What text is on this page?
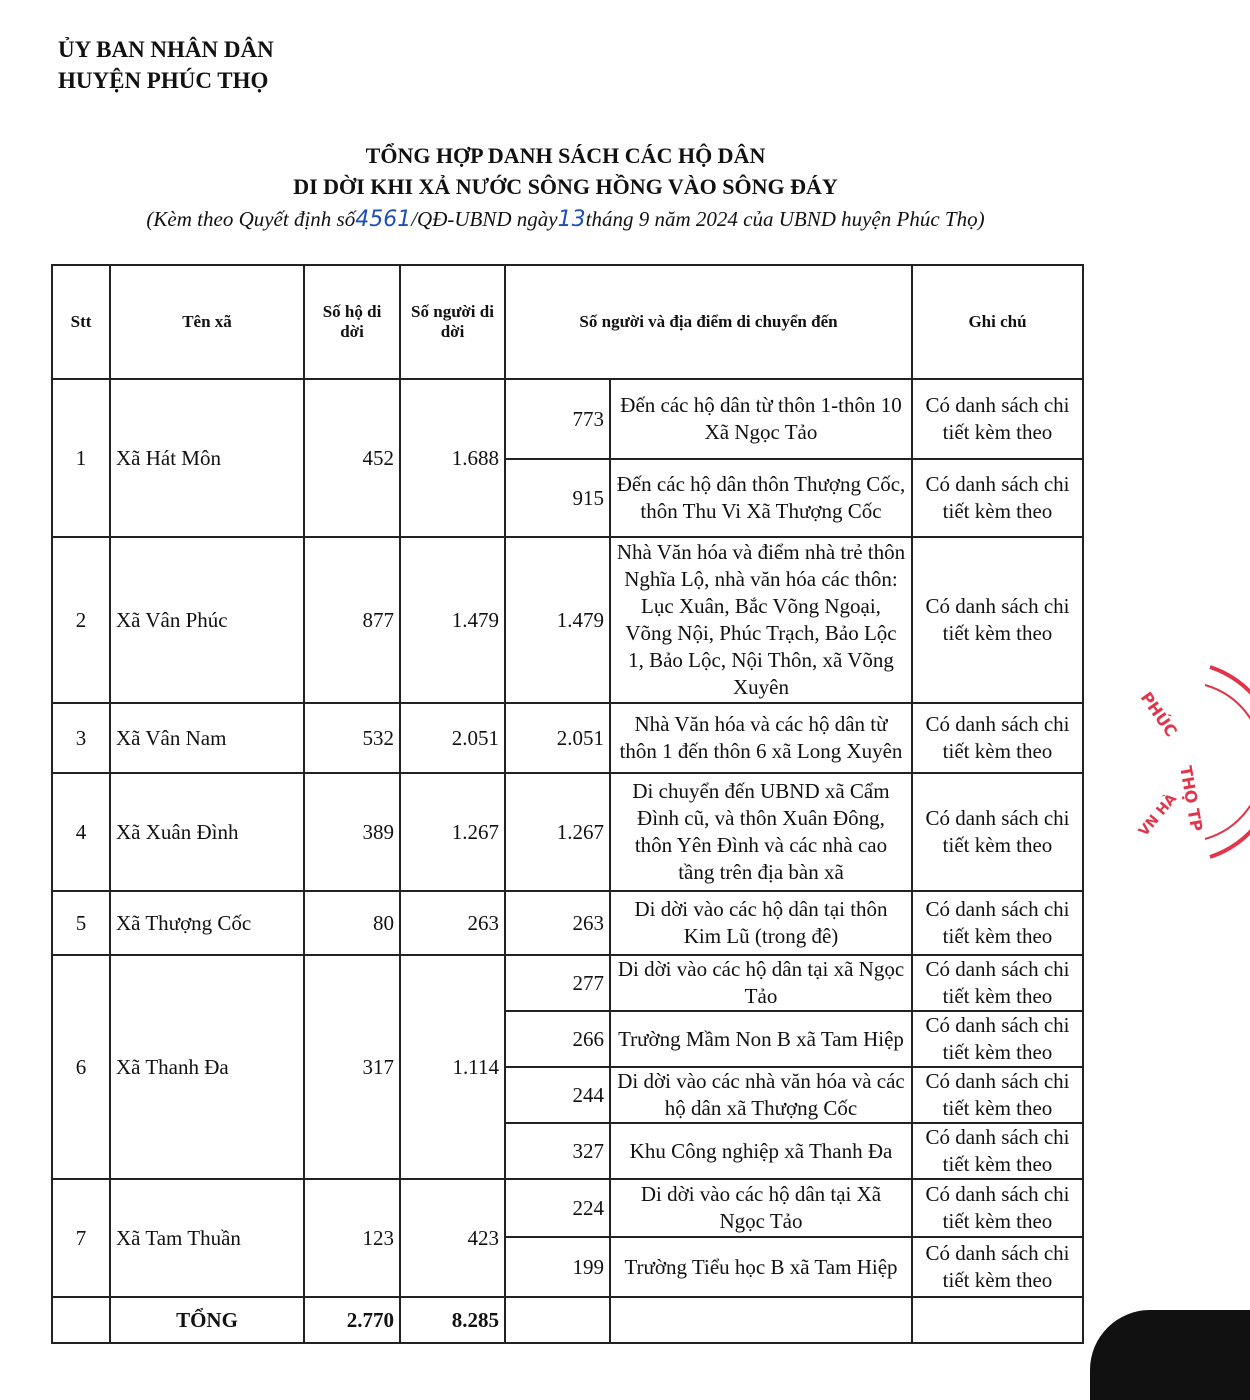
ỦY BAN NHÂN DÂN
HUYỆN PHÚC THỌ
TỔNG HỢP DANH SÁCH CÁC HỘ DÂN
DI DỜI KHI XẢ NƯỚC SÔNG HỒNG VÀO SÔNG ĐÁY
(Kèm theo Quyết định số4561/QĐ-UBND ngày13tháng 9 năm 2024 của UBND huyện Phúc Thọ)
Stt	Tên xã	Số hộ di dời	Số người di dời	Số người và địa điểm di chuyển đến		Ghi chú
1	Xã Hát Môn	452	1.688	773	Đến các hộ dân từ thôn 1-thôn 10 Xã Ngọc Tảo	Có danh sách chi tiết kèm theo
				915	Đến các hộ dân thôn Thượng Cốc, thôn Thu Vi Xã Thượng Cốc	Có danh sách chi tiết kèm theo
2	Xã Vân Phúc	877	1.479	1.479	Nhà Văn hóa và điểm nhà trẻ thôn Nghĩa Lộ, nhà văn hóa các thôn: Lục Xuân, Bắc Võng Ngoại, Võng Nội, Phúc Trạch, Bảo Lộc 1, Bảo Lộc, Nội Thôn, xã Võng Xuyên	Có danh sách chi tiết kèm theo
3	Xã Vân Nam	532	2.051	2.051	Nhà Văn hóa và các hộ dân từ thôn 1 đến thôn 6 xã Long Xuyên	Có danh sách chi tiết kèm theo
4	Xã Xuân Đình	389	1.267	1.267	Di chuyển đến UBND xã Cẩm Đình cũ, và thôn Xuân Đông, thôn Yên Đình và các nhà cao tầng trên địa bàn xã	Có danh sách chi tiết kèm theo
5	Xã Thượng Cốc	80	263	263	Di dời vào các hộ dân tại thôn Kim Lũ (trong đê)	Có danh sách chi tiết kèm theo
6	Xã Thanh Đa	317	1.114	277	Di dời vào các hộ dân tại xã Ngọc Tảo	Có danh sách chi tiết kèm theo
				266	Trường Mầm Non B xã Tam Hiệp	Có danh sách chi tiết kèm theo
				244	Di dời vào các nhà văn hóa và các hộ dân xã Thượng Cốc	Có danh sách chi tiết kèm theo
				327	Khu Công nghiệp xã Thanh Đa	Có danh sách chi tiết kèm theo
7	Xã Tam Thuần	123	423	224	Di dời vào các hộ dân tại Xã Ngọc Tảo	Có danh sách chi tiết kèm theo
				199	Trường Tiểu học B xã Tam Hiệp	Có danh sách chi tiết kèm theo
	TỔNG	2.770	8.285			
PHÚC
THỌ TP
VN HÀ
